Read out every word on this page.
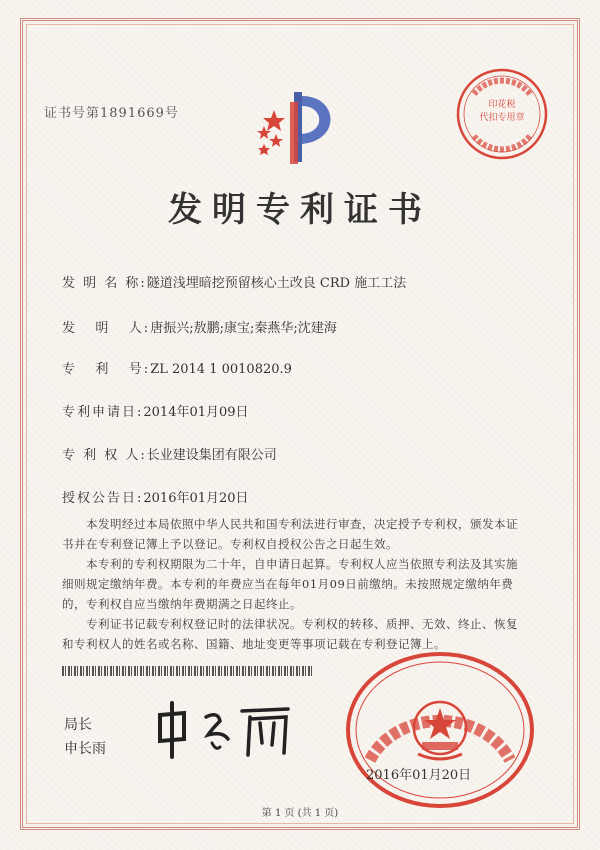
证书号第1891669号
印花税
代扣专用章
发明专利证书
发 明 名 称:隧道浅埋暗挖预留核心土改良 CRD 施工工法
发   明   人:唐振兴;敖鹏;康宝;秦燕华;沈建海
专   利   号:ZL 2014 1 0010820.9
专利申请日:2014年01月09日
专 利 权 人:长业建设集团有限公司
授权公告日:2016年01月20日
本发明经过本局依照中华人民共和国专利法进行审查，决定授予专利权，颁发本证书并在专利登记簿上予以登记。专利权自授权公告之日起生效。
本专利的专利权期限为二十年，自申请日起算。专利权人应当依照专利法及其实施细则规定缴纳年费。本专利的年费应当在每年01月09日前缴纳。未按照规定缴纳年费的，专利权自应当缴纳年费期满之日起终止。
专利证书记载专利权登记时的法律状况。专利权的转移、质押、无效、终止、恢复和专利权人的姓名或名称、国籍、地址变更等事项记载在专利登记簿上。
局长
申长雨
2016年01月20日
第 1 页 (共 1 页)
